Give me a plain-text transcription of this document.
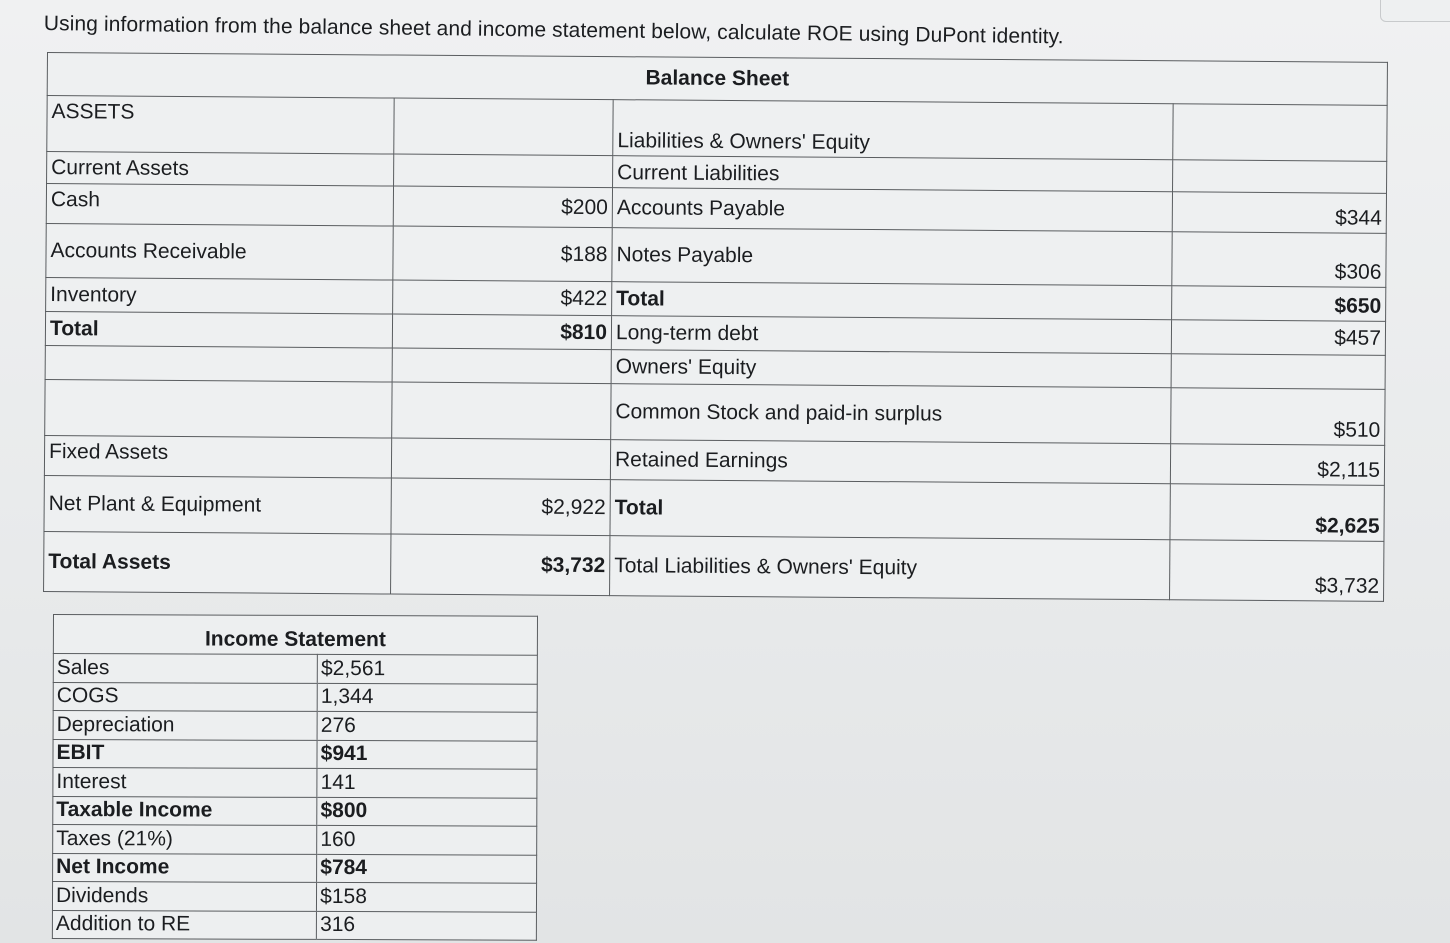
Using information from the balance sheet and income statement below, calculate ROE using DuPont identity.
Balance Sheet			
ASSETS		Liabilities & Owners' Equity	
Current Assets		Current Liabilities	
Cash	$200	Accounts Payable	$344
Accounts Receivable	$188	Notes Payable	$306
Inventory	$422	Total	$650
Total	$810	Long-term debt	$457
		Owners' Equity	
		Common Stock and paid-in surplus	$510
Fixed Assets		Retained Earnings	$2,115
Net Plant & Equipment	$2,922	Total	$2,625
Total Assets	$3,732	Total Liabilities & Owners' Equity	$3,732
Income Statement	
Sales	$2,561
COGS	1,344
Depreciation	276
EBIT	$941
Interest	141
Taxable Income	$800
Taxes (21%)	160
Net Income	$784
Dividends	$158
Addition to RE	316
